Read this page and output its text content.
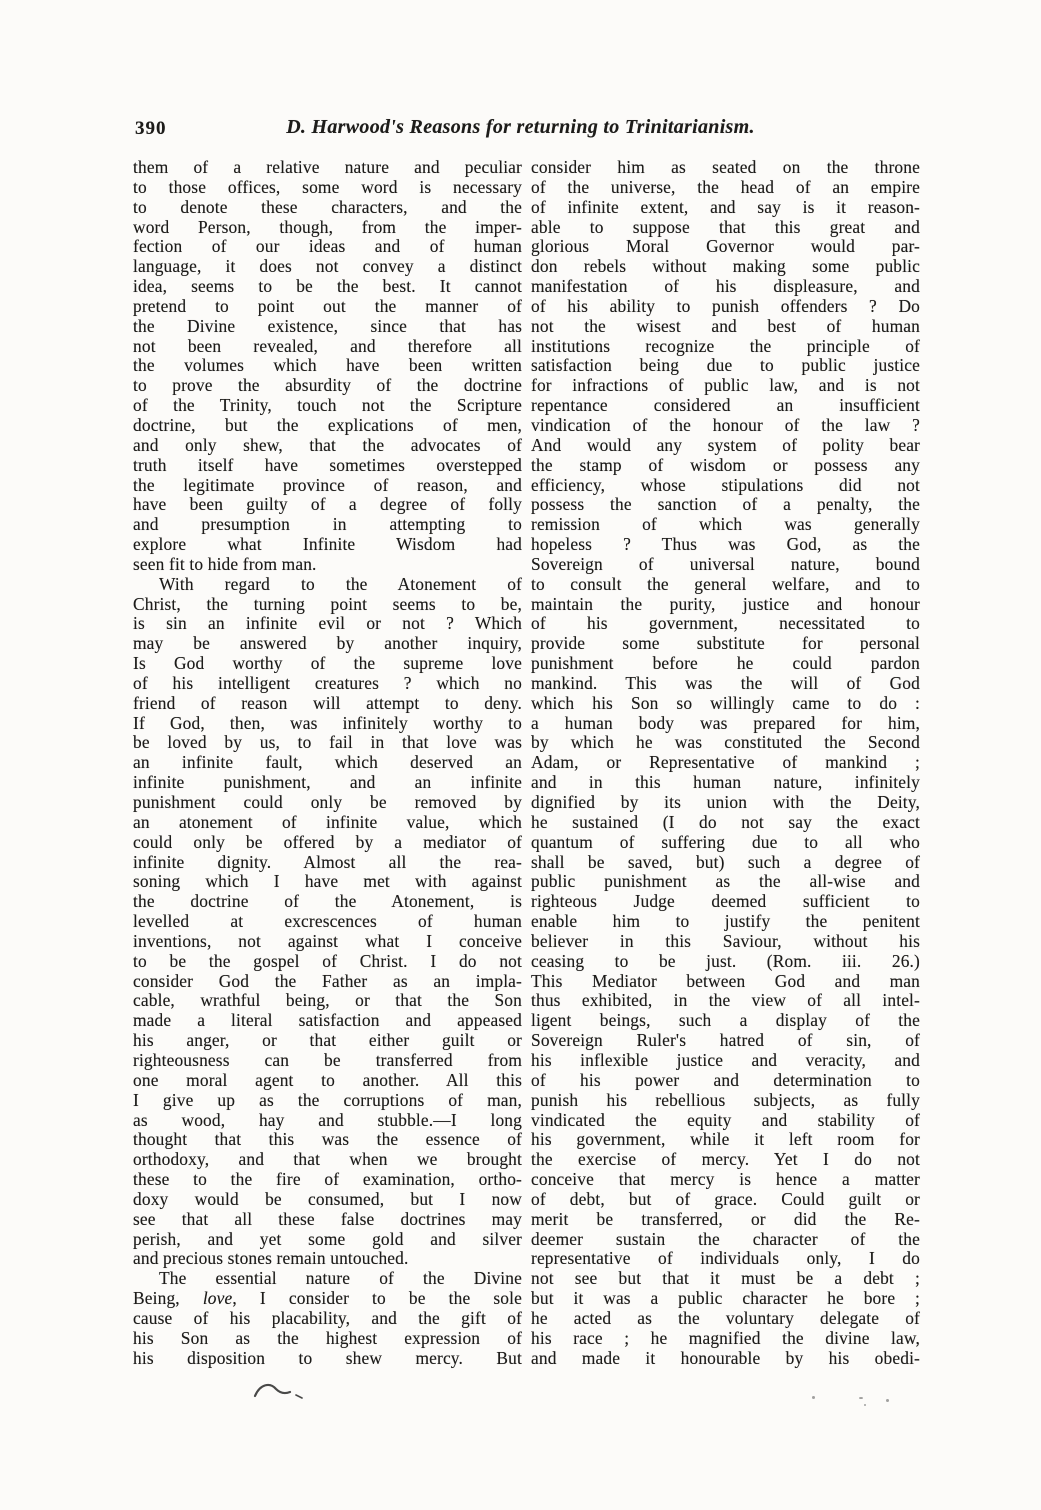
390	D. Harwood's Reasons for returning to Trinitarianism.
them of a relative nature and peculiar
to those offices, some word is necessary
to denote these characters, and the
word Person, though, from the imper-
fection of our ideas and of human
language, it does not convey a distinct
idea, seems to be the best. It cannot
pretend to point out the manner of
the Divine existence, since that has
not been revealed, and therefore all
the volumes which have been written
to prove the absurdity of the doctrine
of the Trinity, touch not the Scripture
doctrine, but the explications of men,
and only shew, that the advocates of
truth itself have sometimes overstepped
the legitimate province of reason, and
have been guilty of a degree of folly
and presumption in attempting to
explore what Infinite Wisdom had
seen fit to hide from man.
With regard to the Atonement of
Christ, the turning point seems to be,
is sin an infinite evil or not ? Which
may be answered by another inquiry,
Is God worthy of the supreme love
of his intelligent creatures ? which no
friend of reason will attempt to deny.
If God, then, was infinitely worthy to
be loved by us, to fail in that love was
an infinite fault, which deserved an
infinite punishment, and an infinite
punishment could only be removed by
an atonement of infinite value, which
could only be offered by a mediator of
infinite dignity. Almost all the rea-
soning which I have met with against
the doctrine of the Atonement, is
levelled at excrescences of human
inventions, not against what I conceive
to be the gospel of Christ. I do not
consider God the Father as an impla-
cable, wrathful being, or that the Son
made a literal satisfaction and appeased
his anger, or that either guilt or
righteousness can be transferred from
one moral agent to another. All this
I give up as the corruptions of man,
as wood, hay and stubble.—I long
thought that this was the essence of
orthodoxy, and that when we brought
these to the fire of examination, ortho-
doxy would be consumed, but I now
see that all these false doctrines may
perish, and yet some gold and silver
and precious stones remain untouched.
The essential nature of the Divine
Being, love, I consider to be the sole
cause of his placability, and the gift of
his Son as the highest expression of
his disposition to shew mercy. But
consider him as seated on the throne
of the universe, the head of an empire
of infinite extent, and say is it reason-
able to suppose that this great and
glorious Moral Governor would par-
don rebels without making some public
manifestation of his displeasure, and
of his ability to punish offenders ? Do
not the wisest and best of human
institutions recognize the principle of
satisfaction being due to public justice
for infractions of public law, and is not
repentance considered an insufficient
vindication of the honour of the law ?
And would any system of polity bear
the stamp of wisdom or possess any
efficiency, whose stipulations did not
possess the sanction of a penalty, the
remission of which was generally
hopeless ? Thus was God, as the
Sovereign of universal nature, bound
to consult the general welfare, and to
maintain the purity, justice and honour
of his government, necessitated to
provide some substitute for personal
punishment before he could pardon
mankind. This was the will of God
which his Son so willingly came to do :
a human body was prepared for him,
by which he was constituted the Second
Adam, or Representative of mankind ;
and in this human nature, infinitely
dignified by its union with the Deity,
he sustained (I do not say the exact
quantum of suffering due to all who
shall be saved, but) such a degree of
public punishment as the all-wise and
righteous Judge deemed sufficient to
enable him to justify the penitent
believer in this Saviour, without his
ceasing to be just. (Rom. iii. 26.)
This Mediator between God and man
thus exhibited, in the view of all intel-
ligent beings, such a display of the
Sovereign Ruler's hatred of sin, of
his inflexible justice and veracity, and
of his power and determination to
punish his rebellious subjects, as fully
vindicated the equity and stability of
his government, while it left room for
the exercise of mercy. Yet I do not
conceive that mercy is hence a matter
of debt, but of grace. Could guilt or
merit be transferred, or did the Re-
deemer sustain the character of the
representative of individuals only, I do
not see but that it must be a debt ;
but it was a public character he bore ;
he acted as the voluntary delegate of
his race ; he magnified the divine law,
and made it honourable by his obedi-
